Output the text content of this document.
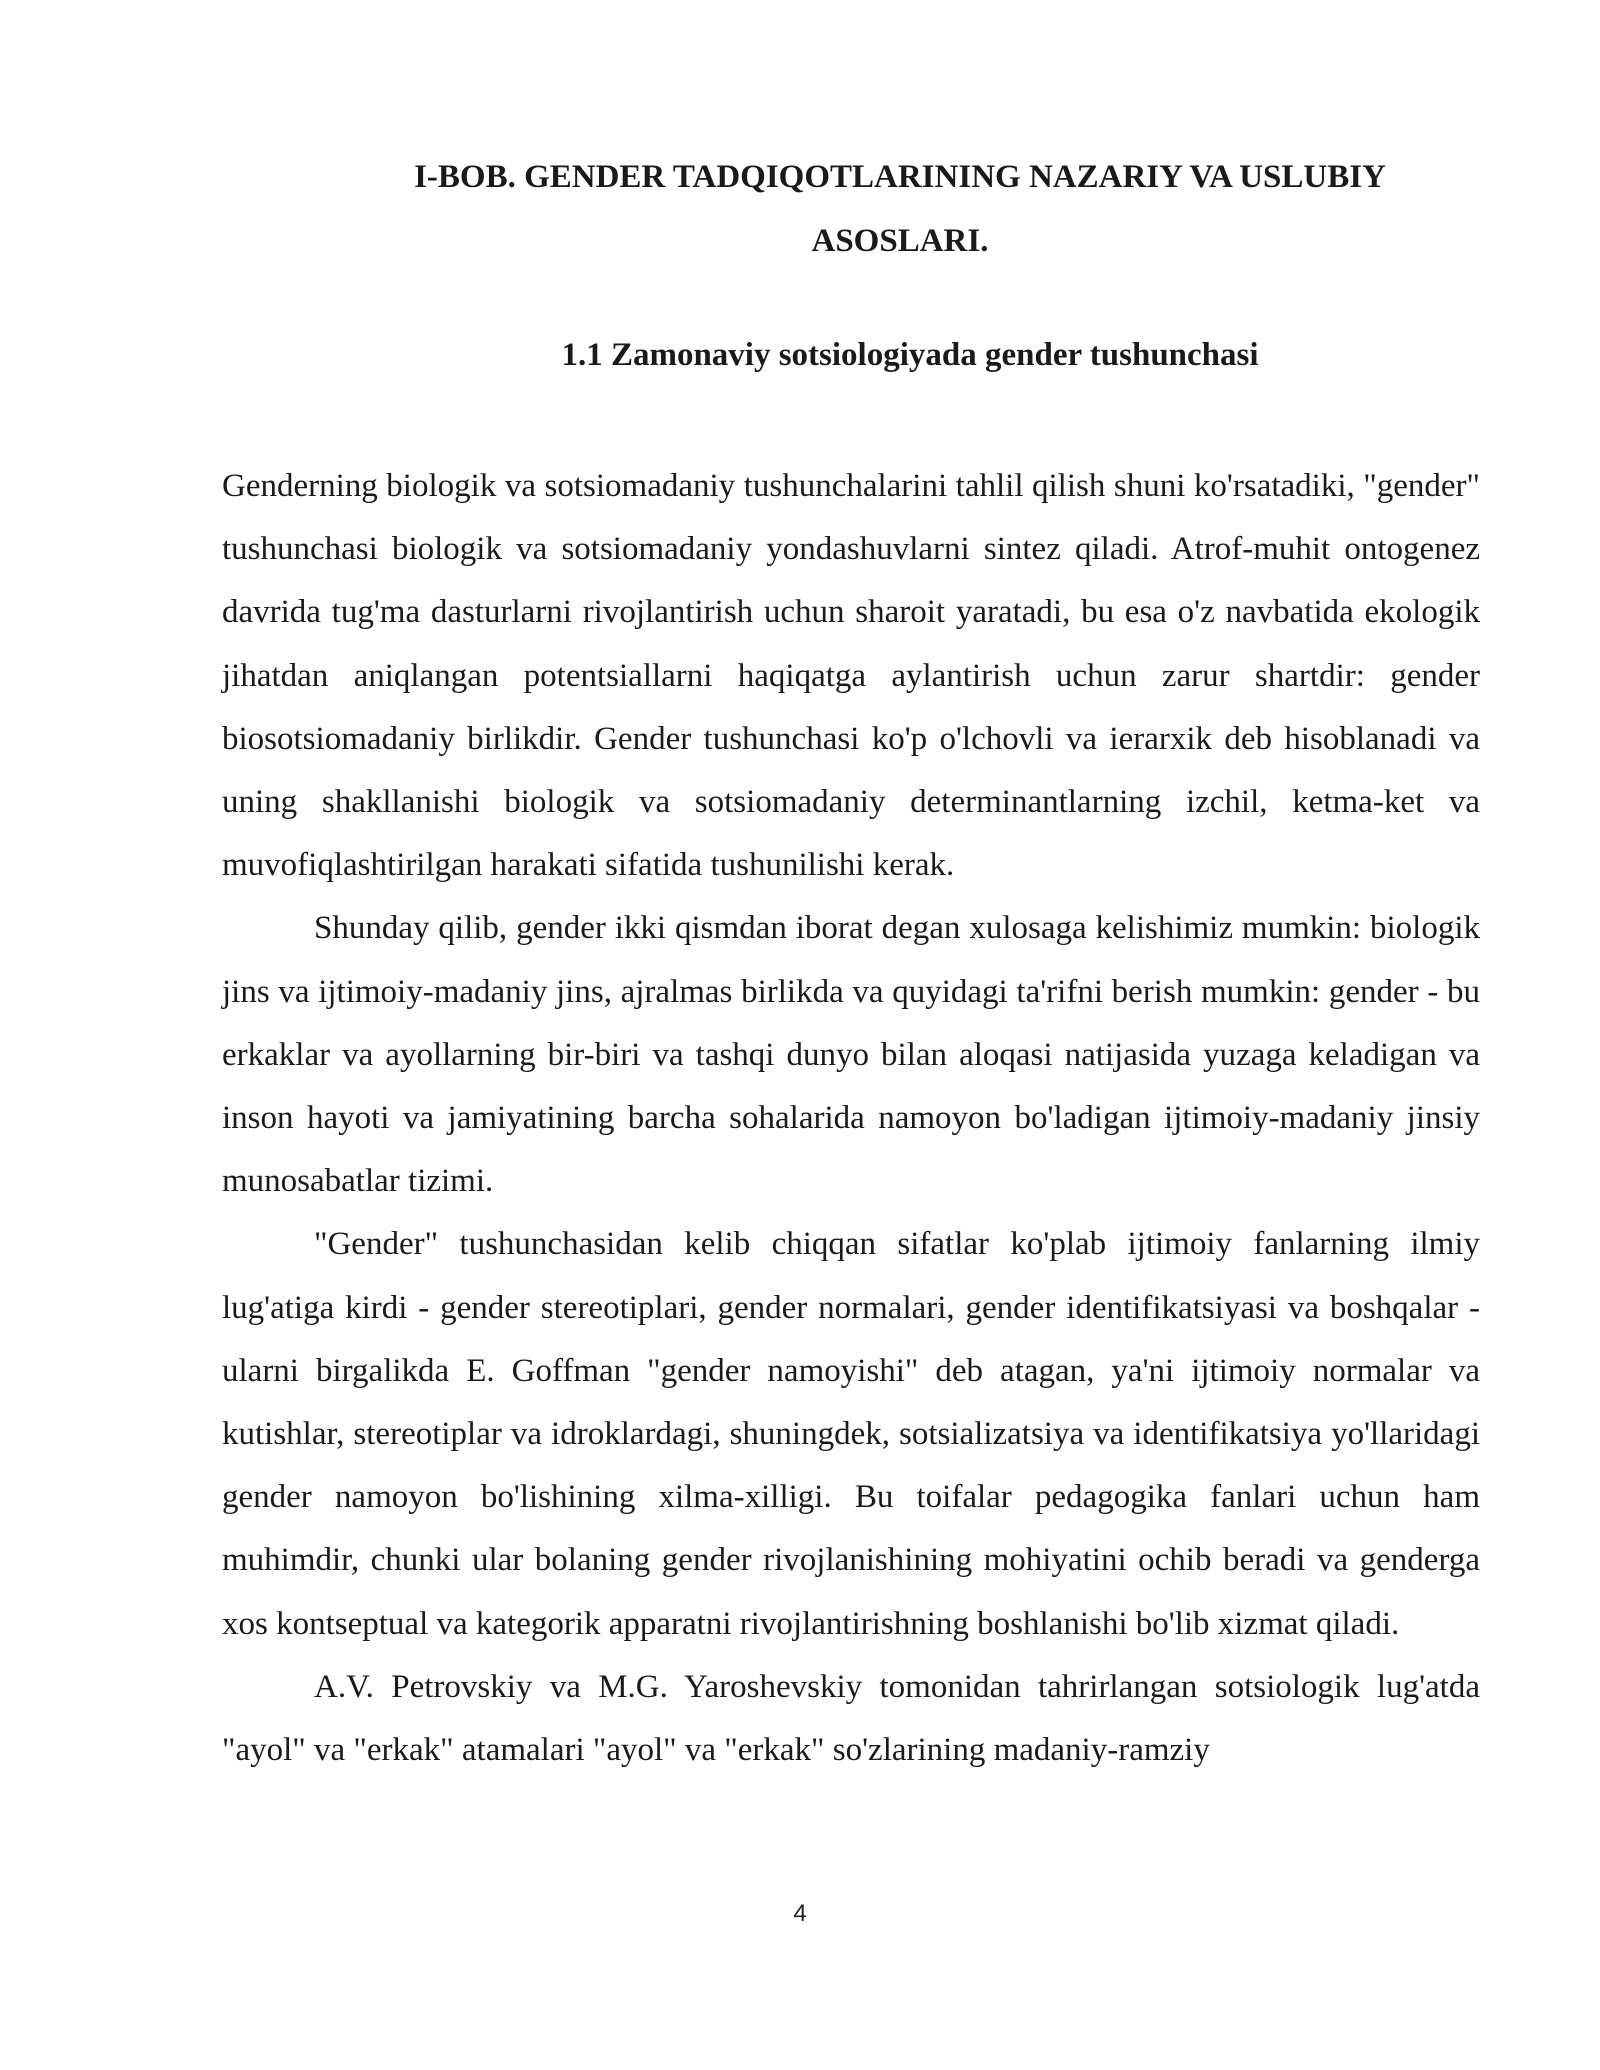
I-BOB. GENDER TADQIQOTLARINING NAZARIY VA USLUBIY
ASOSLARI.
1.1 Zamonaviy sotsiologiyada gender tushunchasi

Genderning biologik va sotsiomadaniy tushunchalarini tahlil qilish shuni ko'rsatadiki, "gender" tushunchasi biologik va sotsiomadaniy yondashuvlarni sintez qiladi. Atrof-muhit ontogenez davrida tug'ma dasturlarni rivojlantirish uchun sharoit yaratadi, bu esa o'z navbatida ekologik jihatdan aniqlangan potentsiallarni haqiqatga aylantirish uchun zarur shartdir: gender biosotsiomadaniy birlikdir. Gender tushunchasi ko'p o'lchovli va ierarxik deb hisoblanadi va uning shakllanishi biologik va sotsiomadaniy determinantlarning izchil, ketma-ket va muvofiqlashtirilgan harakati sifatida tushunilishi kerak.

Shunday qilib, gender ikki qismdan iborat degan xulosaga kelishimiz mumkin: biologik jins va ijtimoiy-madaniy jins, ajralmas birlikda va quyidagi ta'rifni berish mumkin: gender - bu erkaklar va ayollarning bir-biri va tashqi dunyo bilan aloqasi natijasida yuzaga keladigan va inson hayoti va jamiyatining barcha sohalarida namoyon bo'ladigan ijtimoiy-madaniy jinsiy munosabatlar tizimi.

"Gender" tushunchasidan kelib chiqqan sifatlar ko'plab ijtimoiy fanlarning ilmiy lug'atiga kirdi - gender stereotiplari, gender normalari, gender identifikatsiyasi va boshqalar - ularni birgalikda E. Goffman "gender namoyishi" deb atagan, ya'ni ijtimoiy normalar va kutishlar, stereotiplar va idroklardagi, shuningdek, sotsializatsiya va identifikatsiya yo'llaridagi gender namoyon bo'lishining xilma-xilligi. Bu toifalar pedagogika fanlari uchun ham muhimdir, chunki ular bolaning gender rivojlanishining mohiyatini ochib beradi va genderga xos kontseptual va kategorik apparatni rivojlantirishning boshlanishi bo'lib xizmat qiladi.

A.V. Petrovskiy va M.G. Yaroshevskiy tomonidan tahrirlangan sotsiologik lug'atda "ayol" va "erkak" atamalari "ayol" va "erkak" so'zlarining madaniy-ramziy

4
